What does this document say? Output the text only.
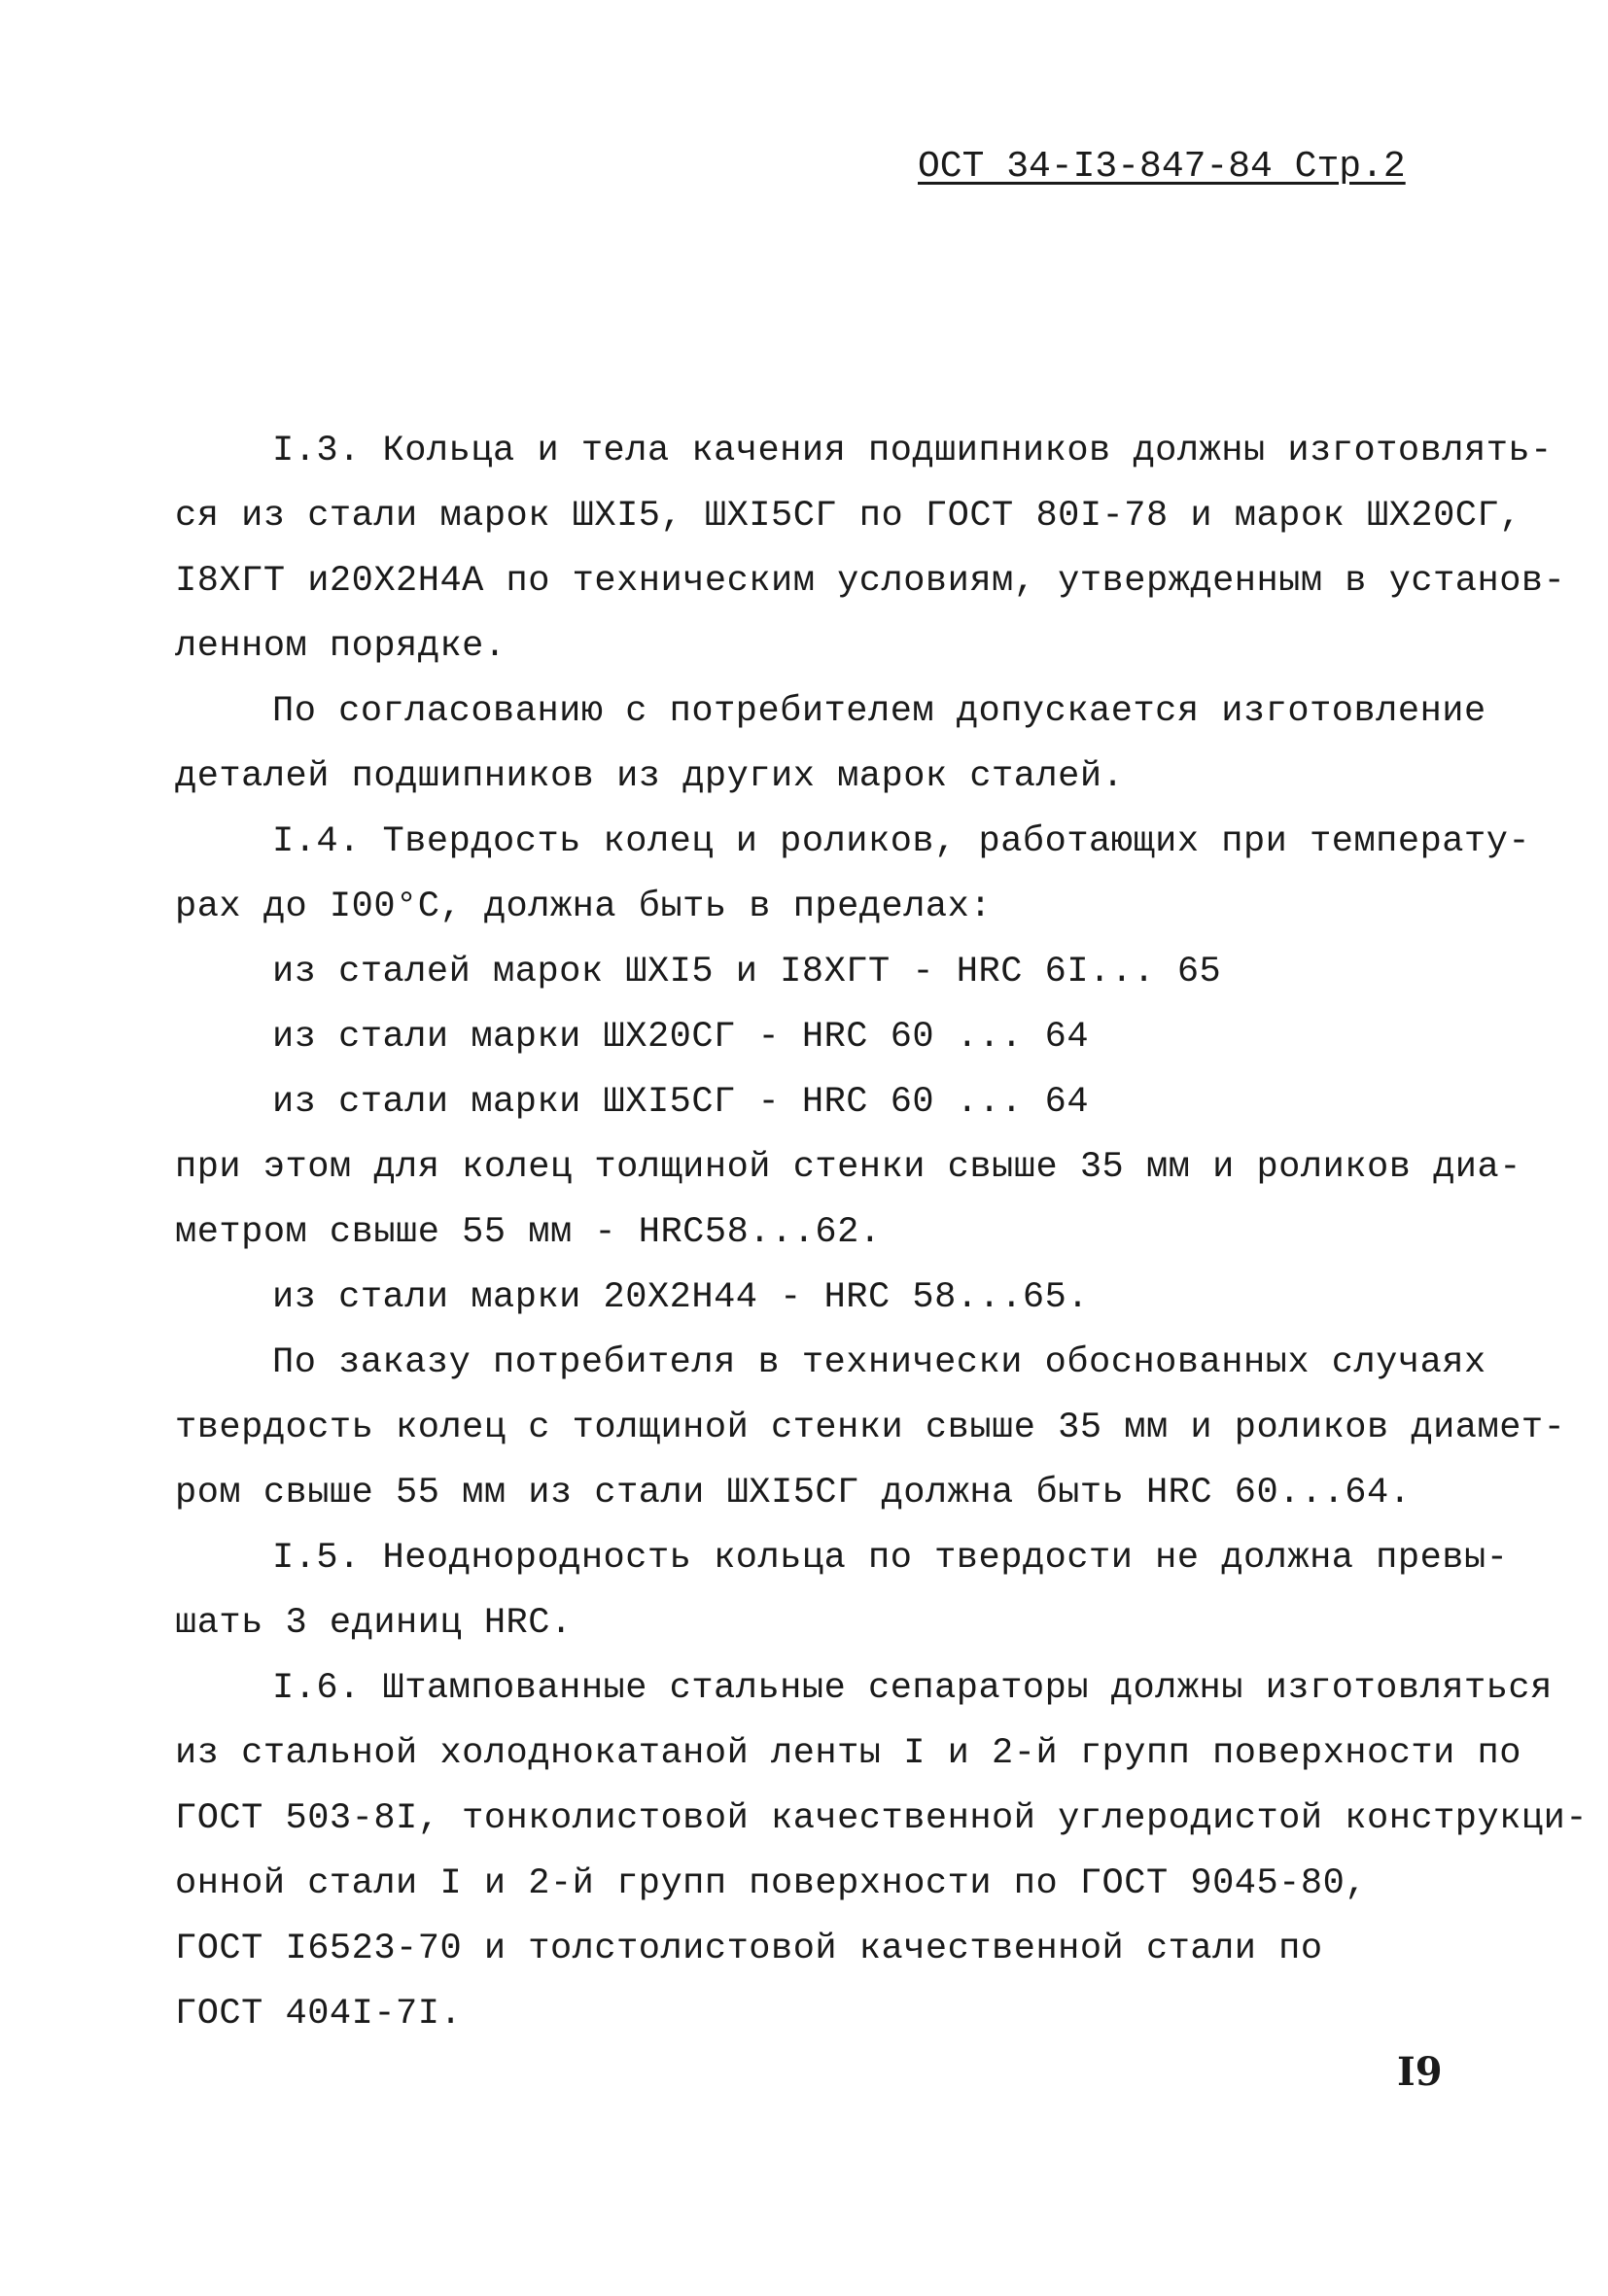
ОСТ 34-I3-847-84 Стр.2
I.3. Кольца и тела качения подшипников должны изготовлять-
ся из стали марок ШХI5, ШХI5СГ по ГОСТ 80I-78 и марок ШХ20СГ,
I8ХГТ и20Х2Н4А по техническим условиям, утвержденным в установ-
ленном порядке.
По согласованию с потребителем допускается изготовление
деталей подшипников из других марок сталей.
I.4. Твердость колец и роликов, работающих при температу-
рах до I00°С, должна быть в пределах:
из сталей марок ШХI5 и I8ХГТ - HRC 6I... 65
из стали марки ШХ20СГ - HRC 60 ... 64
из стали марки ШХI5СГ - HRC 60 ... 64
при этом для колец толщиной стенки свыше 35 мм и роликов диа-
метром свыше 55 мм - HRC58...62.
из стали марки 20Х2Н44 - HRC 58...65.
По заказу потребителя в технически обоснованных случаях
твердость колец с толщиной стенки свыше 35 мм и роликов диамет-
ром свыше 55 мм из стали ШХI5СГ должна быть HRC 60...64.
I.5. Неоднородность кольца по твердости не должна превы-
шать 3 единиц HRC.
I.6. Штампованные стальные сепараторы должны изготовляться
из стальной холоднокатаной ленты I и 2-й групп поверхности по
ГОСТ 503-8I, тонколистовой качественной углеродистой конструкци-
онной стали I и 2-й групп поверхности по ГОСТ 9045-80,
ГОСТ I6523-70 и толстолистовой качественной стали по
ГОСТ 404I-7I.
I9
